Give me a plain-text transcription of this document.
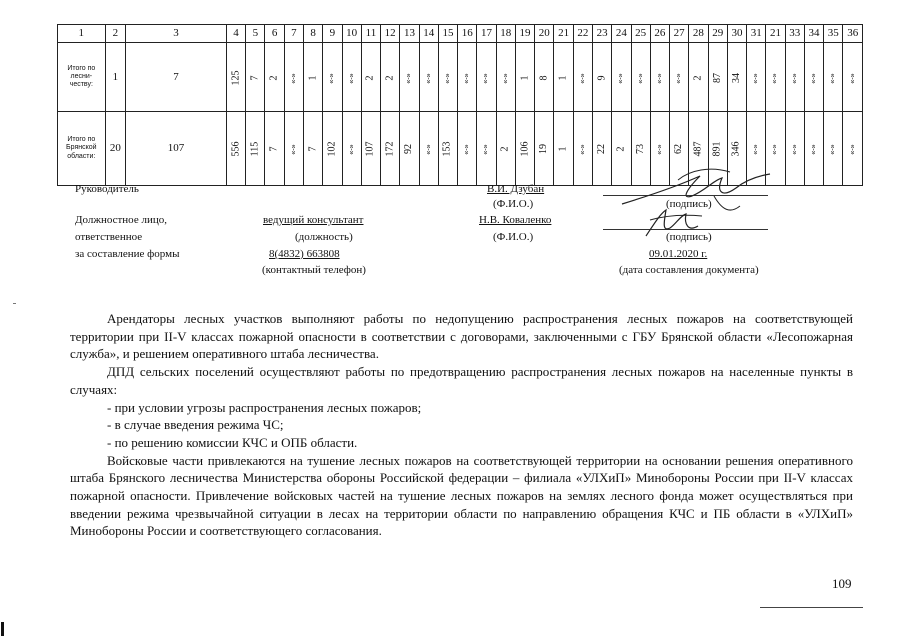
1	2	3	4	5	6	7	8	9	10	11	12	13	14	15	16	17	18	19	20	21	22	23	24	25	26	27	28	29	30	31	21	33	34	35	36
Итого по лесни-честву:	1	7	125	7	2	«-»	1	«-»	«-»	2	2	«-»	«-»	«-»	«-»	«-»	«-»	1	8	1	«-»	9	«-»	«-»	«-»	«-»	2	87	34	«-»	«-»	«-»	«-»	«-»	«-»
Итого по Брянской области:	20	107	556	115	7	«-»	7	102	«-»	107	172	92	«-»	153	«-»	«-»	2	106	19	1	«-»	22	2	73	«-»	62	487	891	346	«-»	«-»	«-»	«-»	«-»	«-»
Руководитель	В.И. Дзубан
(Ф.И.О.)	(подпись)
Должностное лицо,
ответственное
за составление формы
ведущий консультант
(должность)
Н.В. Коваленко
(Ф.И.О.)	(подпись)
8(4832) 663808
(контактный телефон)
09.01.2020 г.
(дата составления документа)

Арендаторы лесных участков выполняют работы по недопущению распространения лесных пожаров на соответствующей территории при II-V классах пожарной опасности в соответствии с договорами, заключенными с ГБУ Брянской области «Лесопожарная служба», и решением оперативного штаба лесничества.

ДПД сельских поселений осуществляют работы по предотвращению распространения лесных пожаров на населенные пункты в случаях:

- при условии угрозы распространения лесных пожаров;

- в случае введения режима ЧС;

- по решению комиссии КЧС и ОПБ области.

Войсковые части привлекаются на тушение лесных пожаров на соответствующей территории на основании решения оперативного штаба Брянского лесничества Министерства обороны Российской федерации – филиала «УЛХиП» Минобороны России при II-V классах пожарной опасности. Привлечение войсковых частей на тушение лесных пожаров на землях лесного фонда может осуществляться при введении режима чрезвычайной ситуации в лесах на территории области по направлению обращения КЧС и ПБ области в «УЛХиП» Минобороны России и соответствующего согласования.

109
